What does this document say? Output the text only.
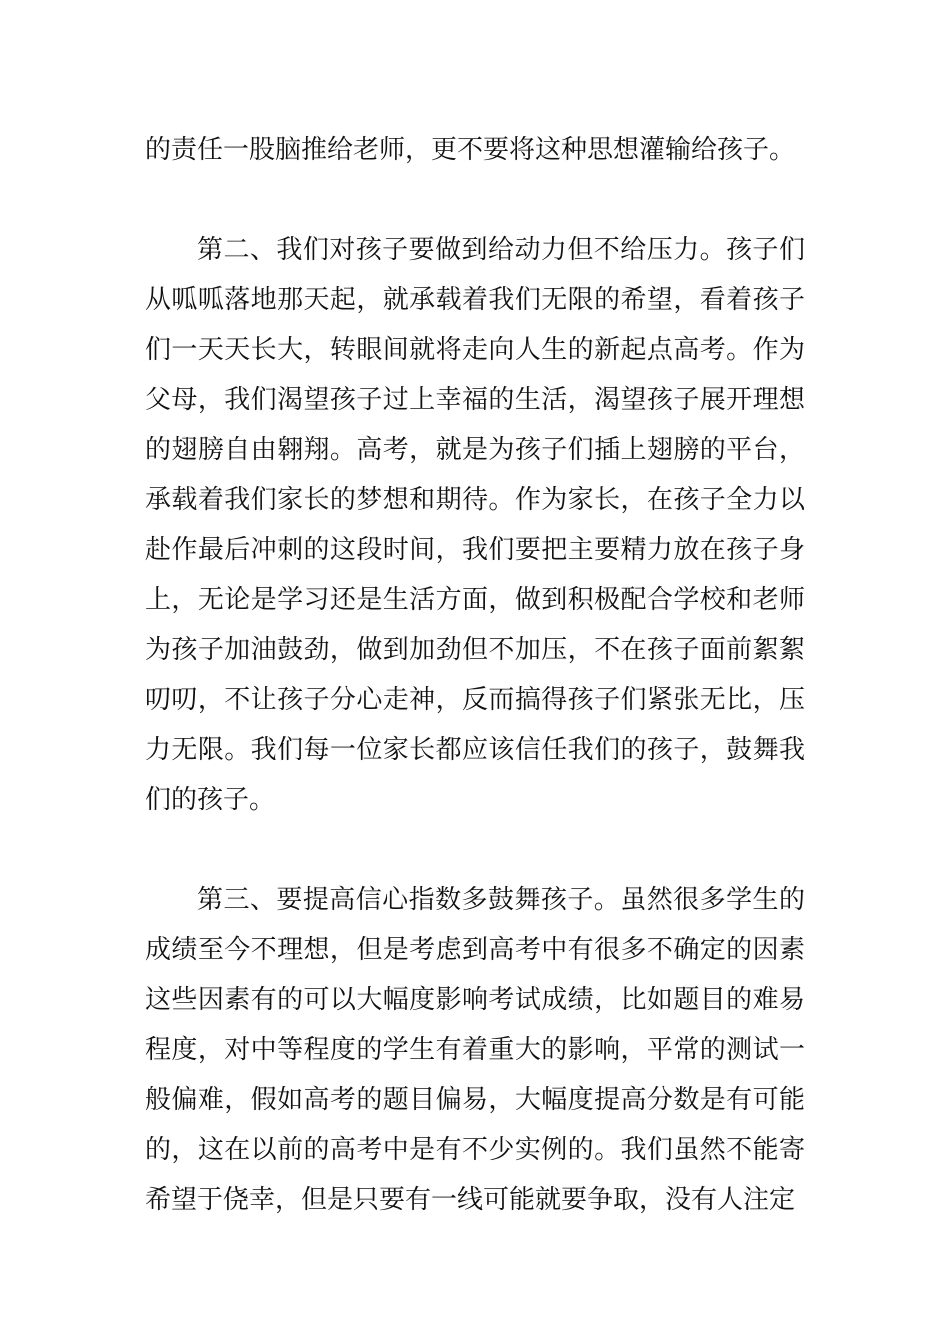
的责任一股脑推给老师，更不要将这种思想灌输给孩子。

第二、我们对孩子要做到给动力但不给压力。孩子们从呱呱落地那天起，就承载着我们无限的希望，看着孩子们一天天长大，转眼间就将走向人生的新起点高考。作为父母，我们渴望孩子过上幸福的生活，渴望孩子展开理想的翅膀自由翱翔。高考，就是为孩子们插上翅膀的平台，承载着我们家长的梦想和期待。作为家长，在孩子全力以赴作最后冲刺的这段时间，我们要把主要精力放在孩子身上，无论是学习还是生活方面，做到积极配合学校和老师为孩子加油鼓劲，做到加劲但不加压，不在孩子面前絮絮叨叨，不让孩子分心走神，反而搞得孩子们紧张无比，压力无限。我们每一位家长都应该信任我们的孩子，鼓舞我们的孩子。

第三、要提高信心指数多鼓舞孩子。虽然很多学生的成绩至今不理想，但是考虑到高考中有很多不确定的因素这些因素有的可以大幅度影响考试成绩，比如题目的难易程度，对中等程度的学生有着重大的影响，平常的测试一般偏难，假如高考的题目偏易，大幅度提高分数是有可能的，这在以前的高考中是有不少实例的。我们虽然不能寄希望于侥幸，但是只要有一线可能就要争取，没有人注定
